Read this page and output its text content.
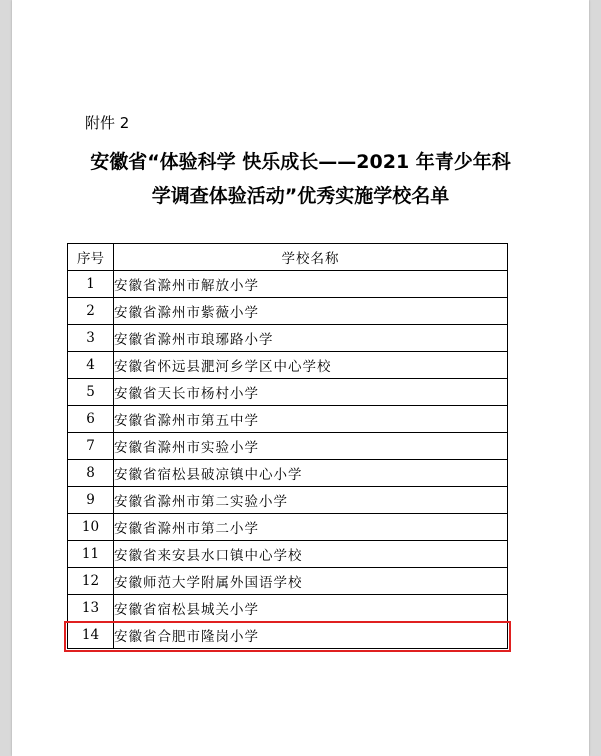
附件 2
安徽省“体验科学 快乐成长——2021 年青少年科
学调查体验活动”优秀实施学校名单
序号	学校名称
1	安徽省滁州市解放小学
2	安徽省滁州市紫薇小学
3	安徽省滁州市琅琊路小学
4	安徽省怀远县淝河乡学区中心学校
5	安徽省天长市杨村小学
6	安徽省滁州市第五中学
7	安徽省滁州市实验小学
8	安徽省宿松县破凉镇中心小学
9	安徽省滁州市第二实验小学
10	安徽省滁州市第二小学
11	安徽省来安县水口镇中心学校
12	安徽师范大学附属外国语学校
13	安徽省宿松县城关小学
14	安徽省合肥市隆岗小学
